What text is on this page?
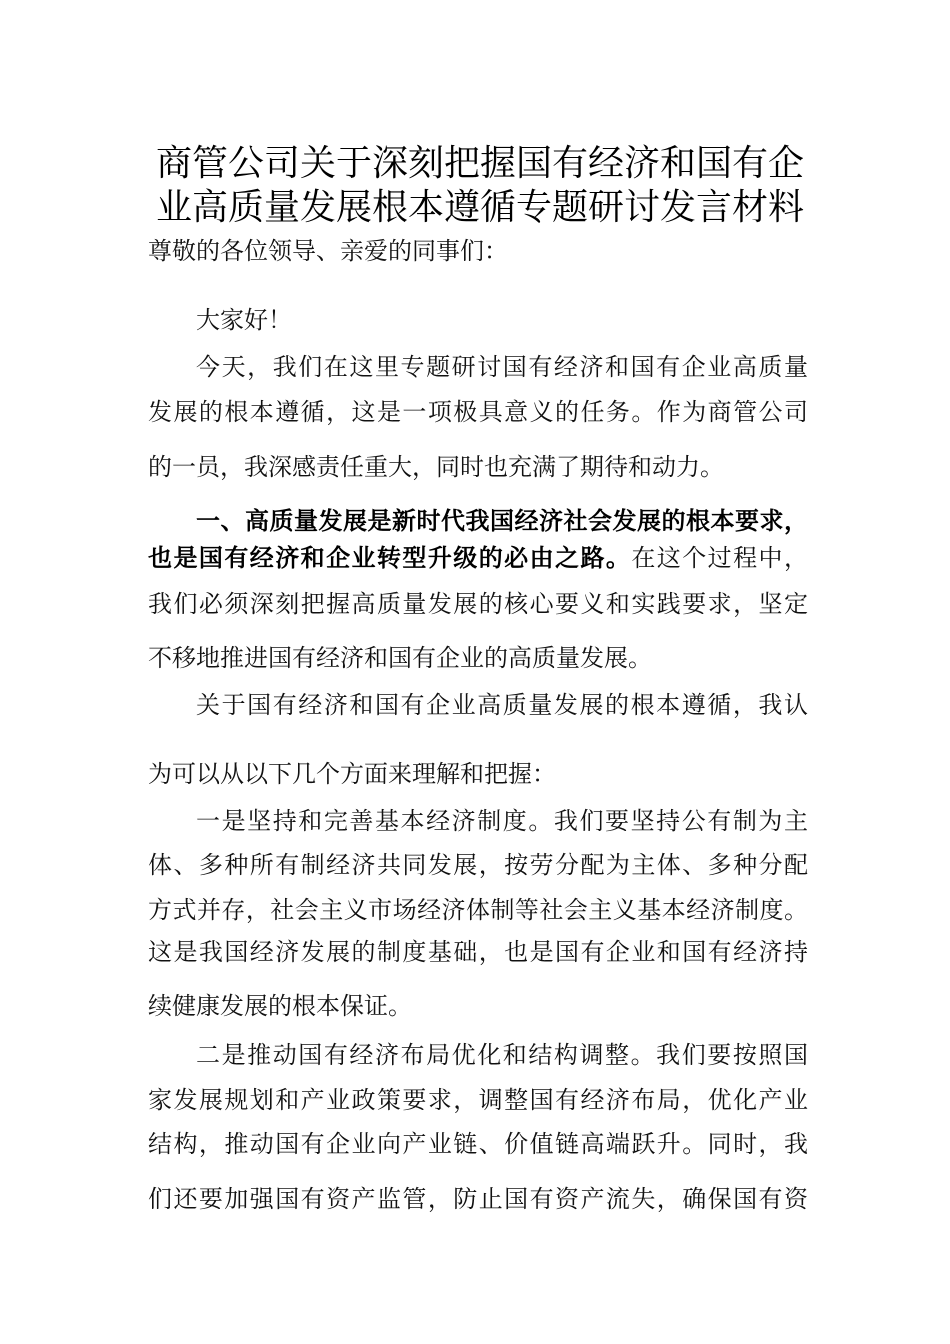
商管公司关于深刻把握国有经济和国有企
业高质量发展根本遵循专题研讨发言材料
尊敬的各位领导、亲爱的同事们：
大家好！
今天，我们在这里专题研讨国有经济和国有企业高质量
发展的根本遵循，这是一项极具意义的任务。作为商管公司
的一员，我深感责任重大，同时也充满了期待和动力。
一、高质量发展是新时代我国经济社会发展的根本要求，
也是国有经济和企业转型升级的必由之路。在这个过程中，
我们必须深刻把握高质量发展的核心要义和实践要求，坚定
不移地推进国有经济和国有企业的高质量发展。
关于国有经济和国有企业高质量发展的根本遵循，我认
为可以从以下几个方面来理解和把握：
一是坚持和完善基本经济制度。我们要坚持公有制为主
体、多种所有制经济共同发展，按劳分配为主体、多种分配
方式并存，社会主义市场经济体制等社会主义基本经济制度。
这是我国经济发展的制度基础，也是国有企业和国有经济持
续健康发展的根本保证。
二是推动国有经济布局优化和结构调整。我们要按照国
家发展规划和产业政策要求，调整国有经济布局，优化产业
结构，推动国有企业向产业链、价值链高端跃升。同时，我
们还要加强国有资产监管，防止国有资产流失，确保国有资
